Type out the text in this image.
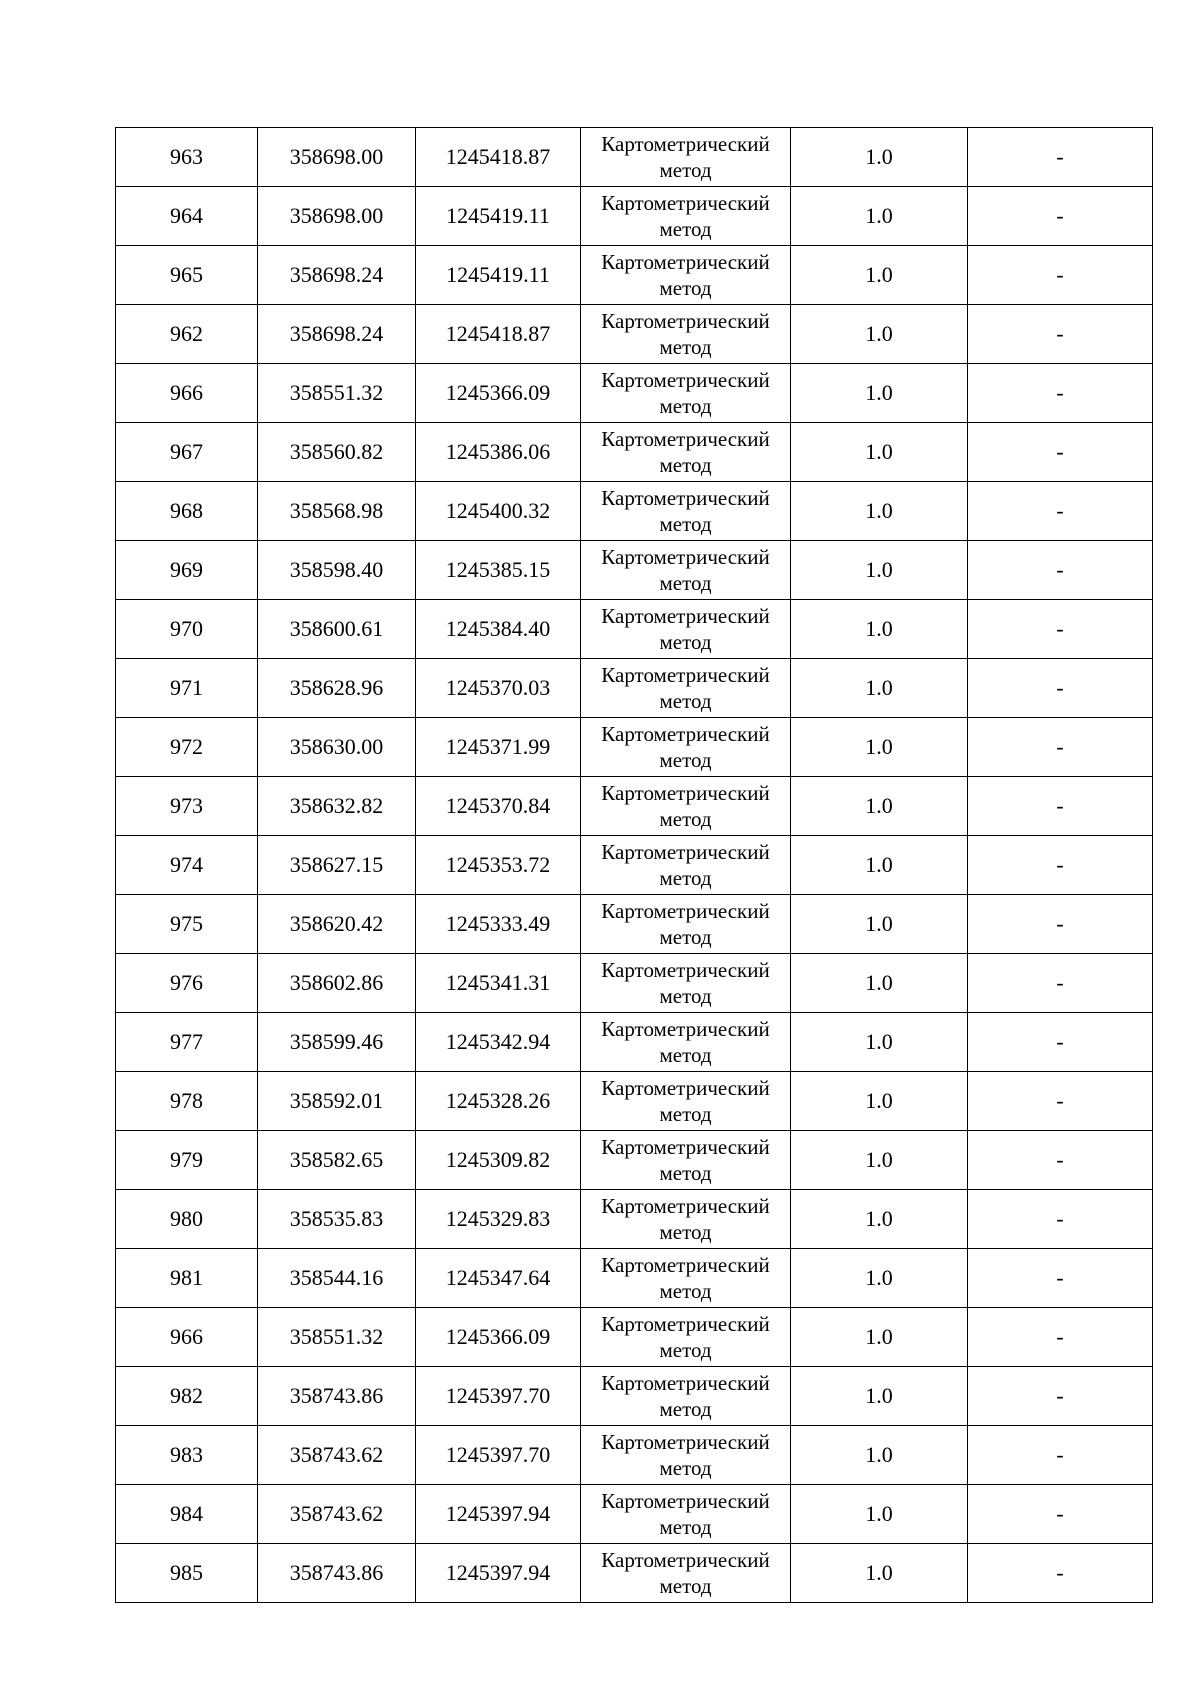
963	358698.00	1245418.87	Картометрический метод	1.0	-
964	358698.00	1245419.11	Картометрический метод	1.0	-
965	358698.24	1245419.11	Картометрический метод	1.0	-
962	358698.24	1245418.87	Картометрический метод	1.0	-
966	358551.32	1245366.09	Картометрический метод	1.0	-
967	358560.82	1245386.06	Картометрический метод	1.0	-
968	358568.98	1245400.32	Картометрический метод	1.0	-
969	358598.40	1245385.15	Картометрический метод	1.0	-
970	358600.61	1245384.40	Картометрический метод	1.0	-
971	358628.96	1245370.03	Картометрический метод	1.0	-
972	358630.00	1245371.99	Картометрический метод	1.0	-
973	358632.82	1245370.84	Картометрический метод	1.0	-
974	358627.15	1245353.72	Картометрический метод	1.0	-
975	358620.42	1245333.49	Картометрический метод	1.0	-
976	358602.86	1245341.31	Картометрический метод	1.0	-
977	358599.46	1245342.94	Картометрический метод	1.0	-
978	358592.01	1245328.26	Картометрический метод	1.0	-
979	358582.65	1245309.82	Картометрический метод	1.0	-
980	358535.83	1245329.83	Картометрический метод	1.0	-
981	358544.16	1245347.64	Картометрический метод	1.0	-
966	358551.32	1245366.09	Картометрический метод	1.0	-
982	358743.86	1245397.70	Картометрический метод	1.0	-
983	358743.62	1245397.70	Картометрический метод	1.0	-
984	358743.62	1245397.94	Картометрический метод	1.0	-
985	358743.86	1245397.94	Картометрический метод	1.0	-
